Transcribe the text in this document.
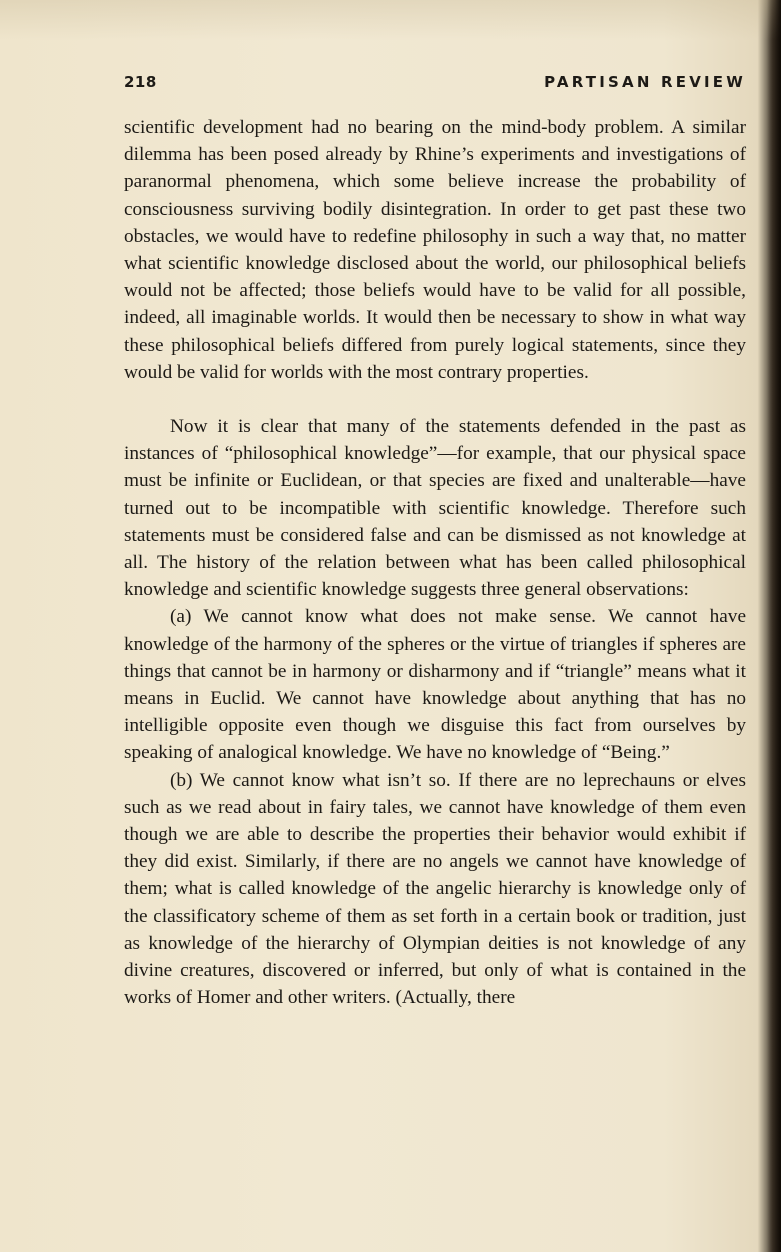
218	PARTISAN REVIEW

scientific development had no bearing on the mind-body problem. A similar dilemma has been posed already by Rhine’s experiments and investigations of paranormal phenomena, which some believe increase the probability of consciousness surviving bodily disintegration. In order to get past these two obstacles, we would have to redefine philosophy in such a way that, no matter what scientific knowledge disclosed about the world, our philosophical beliefs would not be affected; those beliefs would have to be valid for all possible, indeed, all imaginable worlds. It would then be necessary to show in what way these philosophical beliefs differed from purely logical statements, since they would be valid for worlds with the most contrary properties.

Now it is clear that many of the statements defended in the past as instances of “philosophical knowledge”—for example, that our physical space must be infinite or Euclidean, or that species are fixed and unalterable—have turned out to be incompatible with scientific knowledge. Therefore such statements must be considered false and can be dismissed as not knowledge at all. The history of the relation between what has been called philosophical knowledge and scientific knowledge suggests three general observations:

(a) We cannot know what does not make sense. We cannot have knowledge of the harmony of the spheres or the virtue of triangles if spheres are things that cannot be in harmony or disharmony and if “triangle” means what it means in Euclid. We cannot have knowledge about anything that has no intelligible opposite even though we disguise this fact from ourselves by speaking of analogical knowledge. We have no knowledge of “Being.”

(b) We cannot know what isn’t so. If there are no leprechauns or elves such as we read about in fairy tales, we cannot have knowledge of them even though we are able to describe the properties their behavior would exhibit if they did exist. Similarly, if there are no angels we cannot have knowledge of them; what is called knowledge of the angelic hierarchy is knowledge only of the classificatory scheme of them as set forth in a certain book or tradition, just as knowledge of the hierarchy of Olympian deities is not knowledge of any divine creatures, discovered or inferred, but only of what is contained in the works of Homer and other writers. (Actually, there
